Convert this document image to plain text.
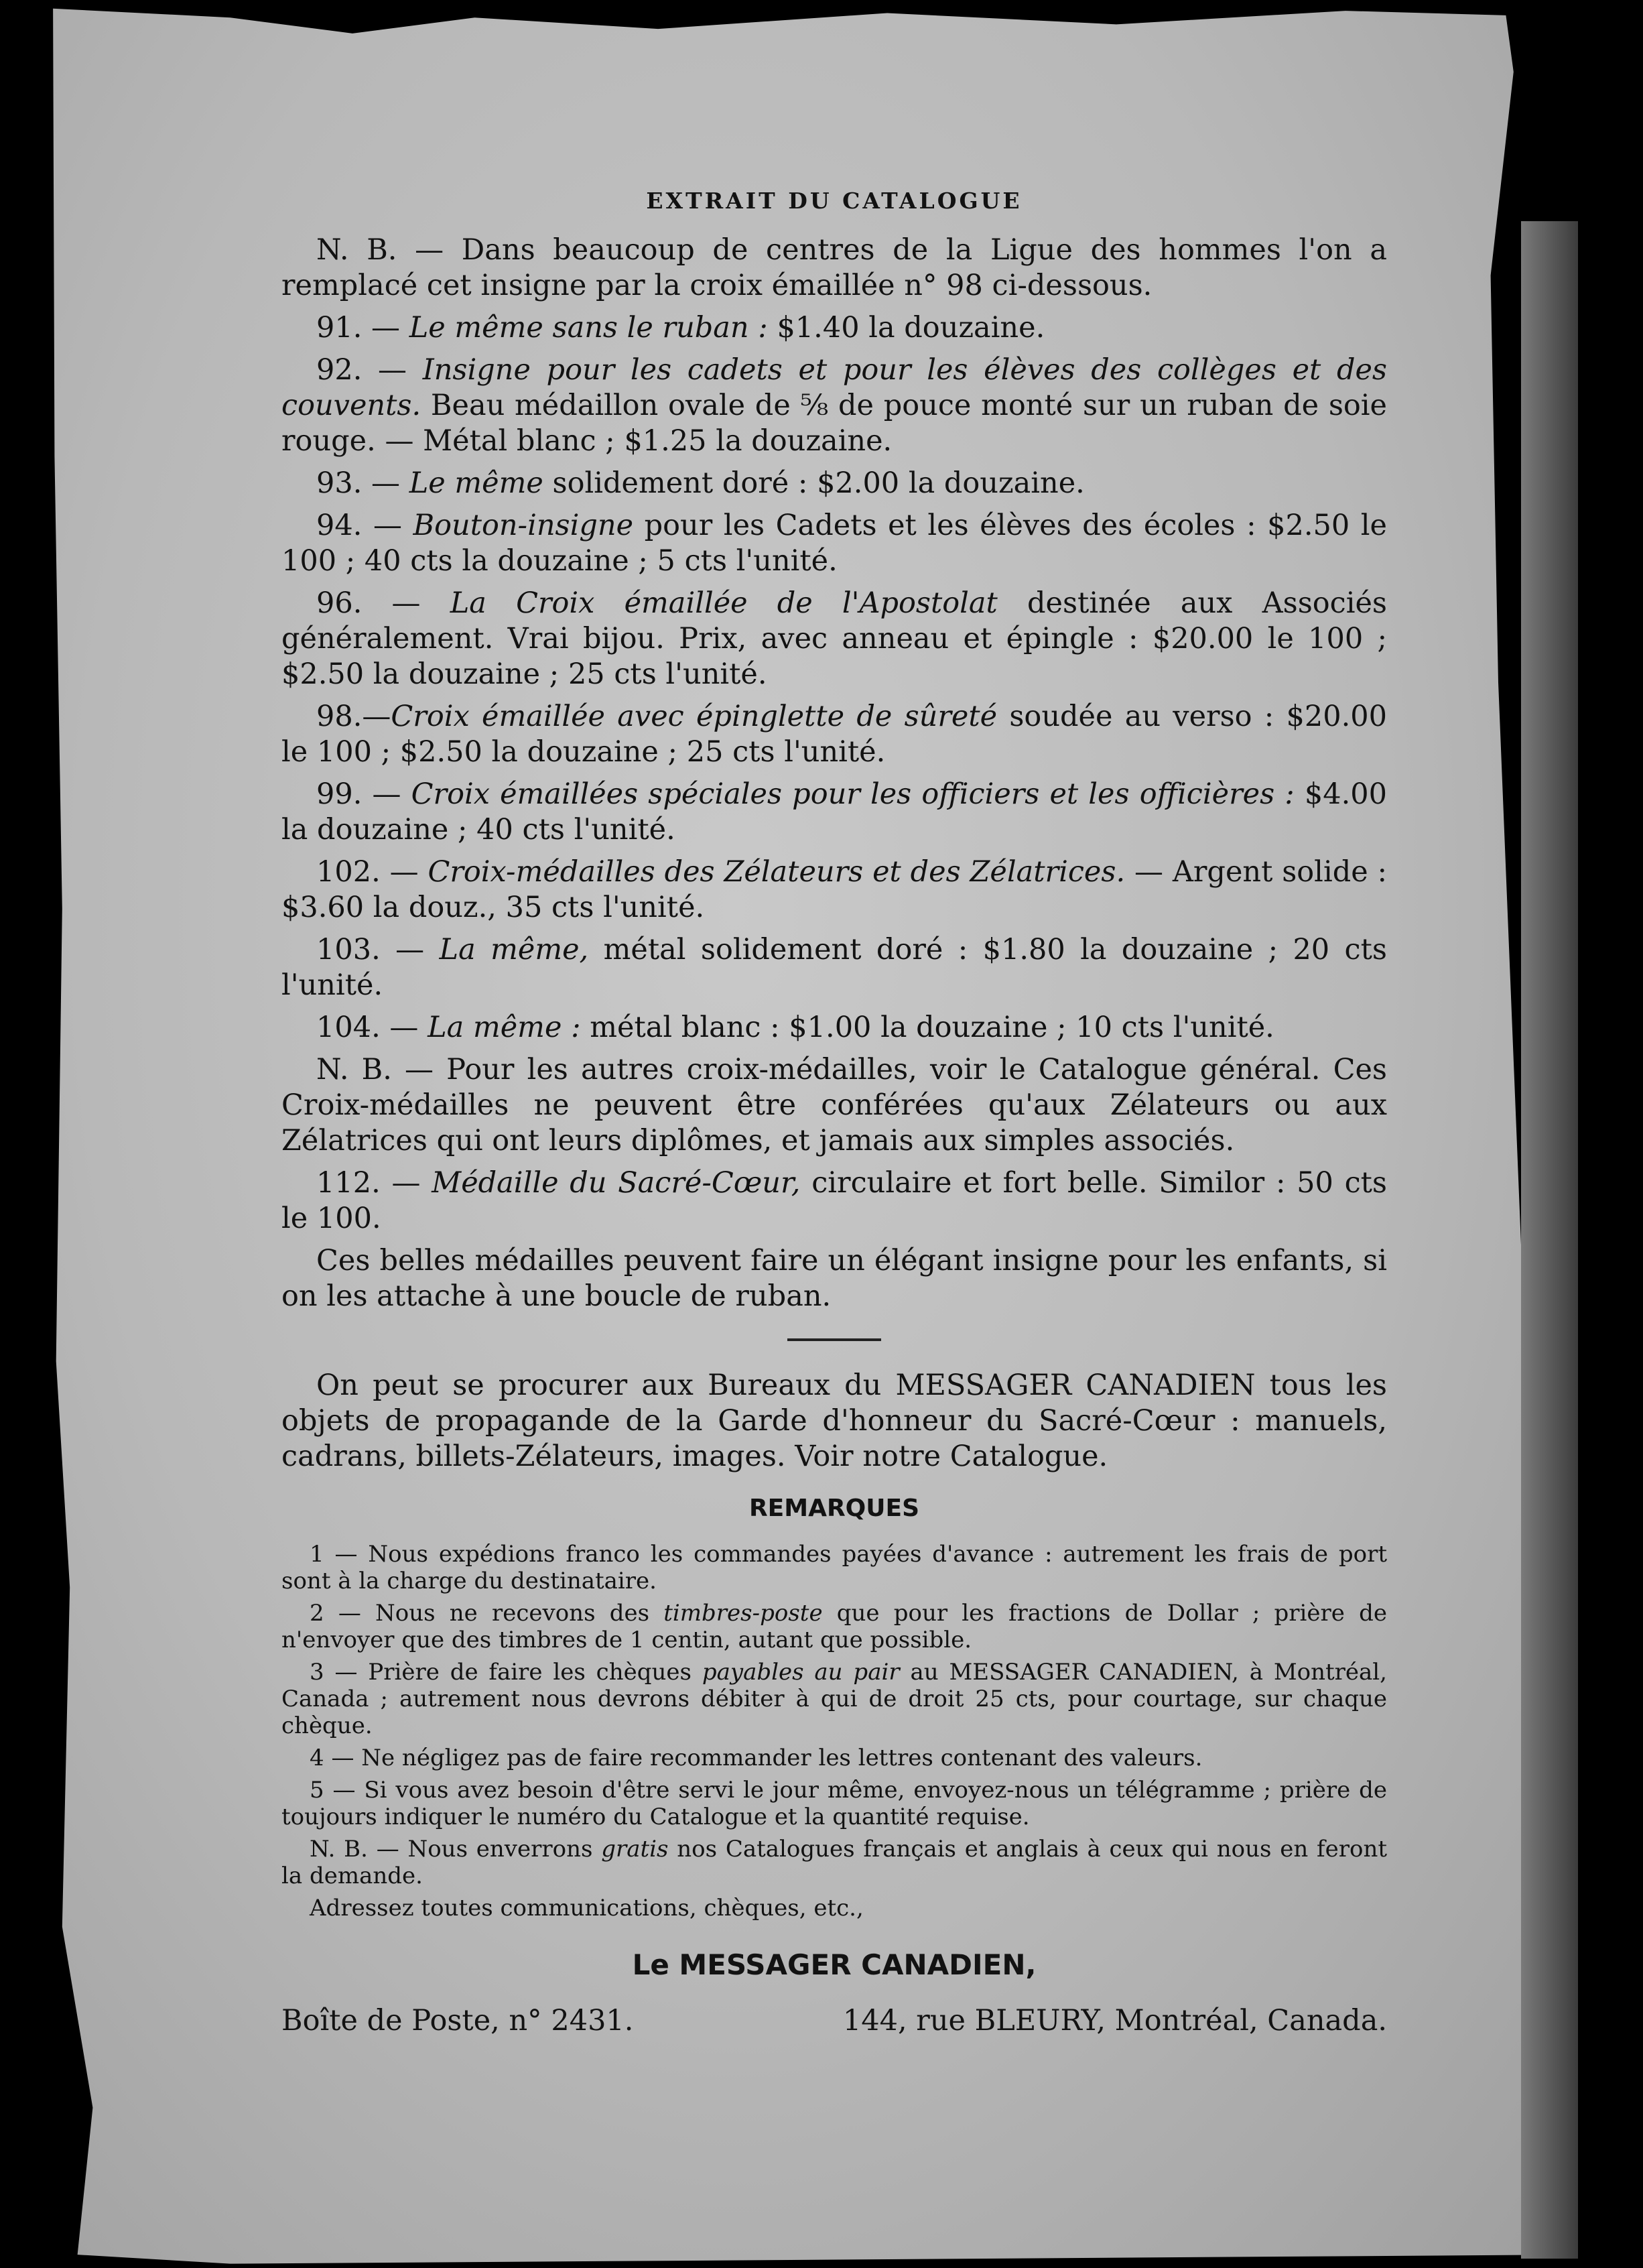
EXTRAIT DU CATALOGUE

N. B. — Dans beaucoup de centres de la Ligue des hommes l'on a remplacé cet insigne par la croix émaillée n° 98 ci-dessous.

91. — Le même sans le ruban : $1.40 la douzaine.

92. — Insigne pour les cadets et pour les élèves des collèges et des couvents. Beau médaillon ovale de ⅝ de pouce monté sur un ruban de soie rouge. — Métal blanc ; $1.25 la douzaine.

93. — Le même solidement doré : $2.00 la douzaine.

94. — Bouton-insigne pour les Cadets et les élèves des écoles : $2.50 le 100 ; 40 cts la douzaine ; 5 cts l'unité.

96. — La Croix émaillée de l'Apostolat destinée aux Associés généralement. Vrai bijou. Prix, avec anneau et épingle : $20.00 le 100 ; $2.50 la douzaine ; 25 cts l'unité.

98.—Croix émaillée avec épinglette de sûreté soudée au verso : $20.00 le 100 ; $2.50 la douzaine ; 25 cts l'unité.

99. — Croix émaillées spéciales pour les officiers et les officières : $4.00 la douzaine ; 40 cts l'unité.

102. — Croix-médailles des Zélateurs et des Zélatrices. — Argent solide : $3.60 la douz., 35 cts l'unité.

103. — La même, métal solidement doré : $1.80 la douzaine ; 20 cts l'unité.

104. — La même : métal blanc : $1.00 la douzaine ; 10 cts l'unité.

N. B. — Pour les autres croix-médailles, voir le Catalogue général. Ces Croix-médailles ne peuvent être conférées qu'aux Zélateurs ou aux Zélatrices qui ont leurs diplômes, et jamais aux simples associés.

112. — Médaille du Sacré-Cœur, circulaire et fort belle. Similor : 50 cts le 100.

Ces belles médailles peuvent faire un élégant insigne pour les enfants, si on les attache à une boucle de ruban.

On peut se procurer aux Bureaux du MESSAGER CANADIEN tous les objets de propagande de la Garde d'honneur du Sacré-Cœur : manuels, cadrans, billets-Zélateurs, images. Voir notre Catalogue.

REMARQUES

1 — Nous expédions franco les commandes payées d'avance : autrement les frais de port sont à la charge du destinataire.

2 — Nous ne recevons des timbres-poste que pour les fractions de Dollar ; prière de n'envoyer que des timbres de 1 centin, autant que possible.

3 — Prière de faire les chèques payables au pair au MESSAGER CANADIEN, à Montréal, Canada ; autrement nous devrons débiter à qui de droit 25 cts, pour courtage, sur chaque chèque.

4 — Ne négligez pas de faire recommander les lettres contenant des valeurs.

5 — Si vous avez besoin d'être servi le jour même, envoyez-nous un télégramme ; prière de toujours indiquer le numéro du Catalogue et la quantité requise.

N. B. — Nous enverrons gratis nos Catalogues français et anglais à ceux qui nous en feront la demande.

Adressez toutes communications, chèques, etc.,

Le MESSAGER CANADIEN,
Boîte de Poste, n° 2431.	144, rue BLEURY, Montréal, Canada.
